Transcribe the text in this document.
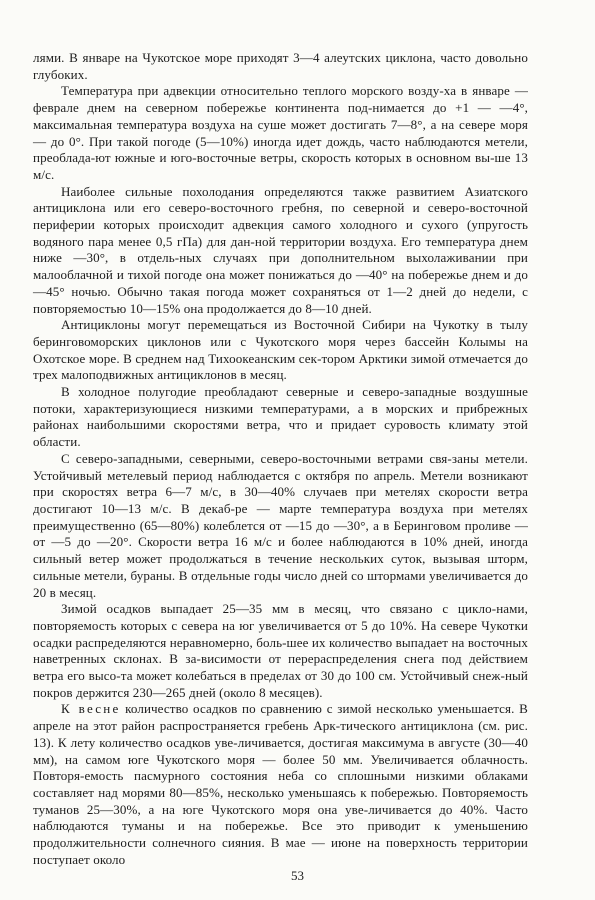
лями. В январе на Чукотское море приходят 3—4 алеутских циклона, часто довольно глубоких.

Температура при адвекции относительно теплого морского возду-ха в январе — феврале днем на северном побережье континента под-нимается до +1 — —4°, максимальная температура воздуха на суше может достигать 7—8°, а на севере моря — до 0°. При такой погоде (5—10%) иногда идет дождь, часто наблюдаются метели, преоблада-ют южные и юго-восточные ветры, скорость которых в основном вы-ше 13 м/с.

Наиболее сильные похолодания определяются также развитием Азиатского антициклона или его северо-восточного гребня, по северной и северо-восточной периферии которых происходит адвекция самого холодного и сухого (упругость водяного пара менее 0,5 гПа) для дан-ной территории воздуха. Его температура днем ниже —30°, в отдель-ных случаях при дополнительном выхолаживании при малооблачной и тихой погоде она может понижаться до —40° на побережье днем и до —45° ночью. Обычно такая погода может сохраняться от 1—2 дней до недели, с повторяемостью 10—15% она продолжается до 8—10 дней.

Антициклоны могут перемещаться из Восточной Сибири на Чукотку в тылу беринговоморских циклонов или с Чукотского моря через бассейн Колымы на Охотское море. В среднем над Тихоокеанским сек-тором Арктики зимой отмечается до трех малоподвижных антициклонов в месяц.

В холодное полугодие преобладают северные и северо-западные воздушные потоки, характеризующиеся низкими температурами, а в морских и прибрежных районах наибольшими скоростями ветра, что и придает суровость климату этой области.

С северо-западными, северными, северо-восточными ветрами свя-заны метели. Устойчивый метелевый период наблюдается с октября по апрель. Метели возникают при скоростях ветра 6—7 м/с, в 30—40% случаев при метелях скорости ветра достигают 10—13 м/с. В декаб-ре — марте температура воздуха при метелях преимущественно (65—80%) колеблется от —15 до —30°, а в Беринговом проливе — от —5 до —20°. Скорости ветра 16 м/с и более наблюдаются в 10% дней, иногда сильный ветер может продолжаться в течение нескольких суток, вызывая шторм, сильные метели, бураны. В отдельные годы число дней со штормами увеличивается до 20 в месяц.

Зимой осадков выпадает 25—35 мм в месяц, что связано с цикло-нами, повторяемость которых с севера на юг увеличивается от 5 до 10%. На севере Чукотки осадки распределяются неравномерно, боль-шее их количество выпадает на восточных наветренных склонах. В за-висимости от перераспределения снега под действием ветра его высо-та может колебаться в пределах от 30 до 100 см. Устойчивый снеж-ный покров держится 230—265 дней (около 8 месяцев).

К весне количество осадков по сравнению с зимой несколько уменьшается. В апреле на этот район распространяется гребень Арк-тического антициклона (см. рис. 13). К лету количество осадков уве-личивается, достигая максимума в августе (30—40 мм), на самом юге Чукотского моря — более 50 мм. Увеличивается облачность. Повторя-емость пасмурного состояния неба со сплошными низкими облаками составляет над морями 80—85%, несколько уменьшаясь к побережью. Повторяемость туманов 25—30%, а на юге Чукотского моря она уве-личивается до 40%. Часто наблюдаются туманы и на побережье. Все это приводит к уменьшению продолжительности солнечного сияния. В мае — июне на поверхность территории поступает около

53
